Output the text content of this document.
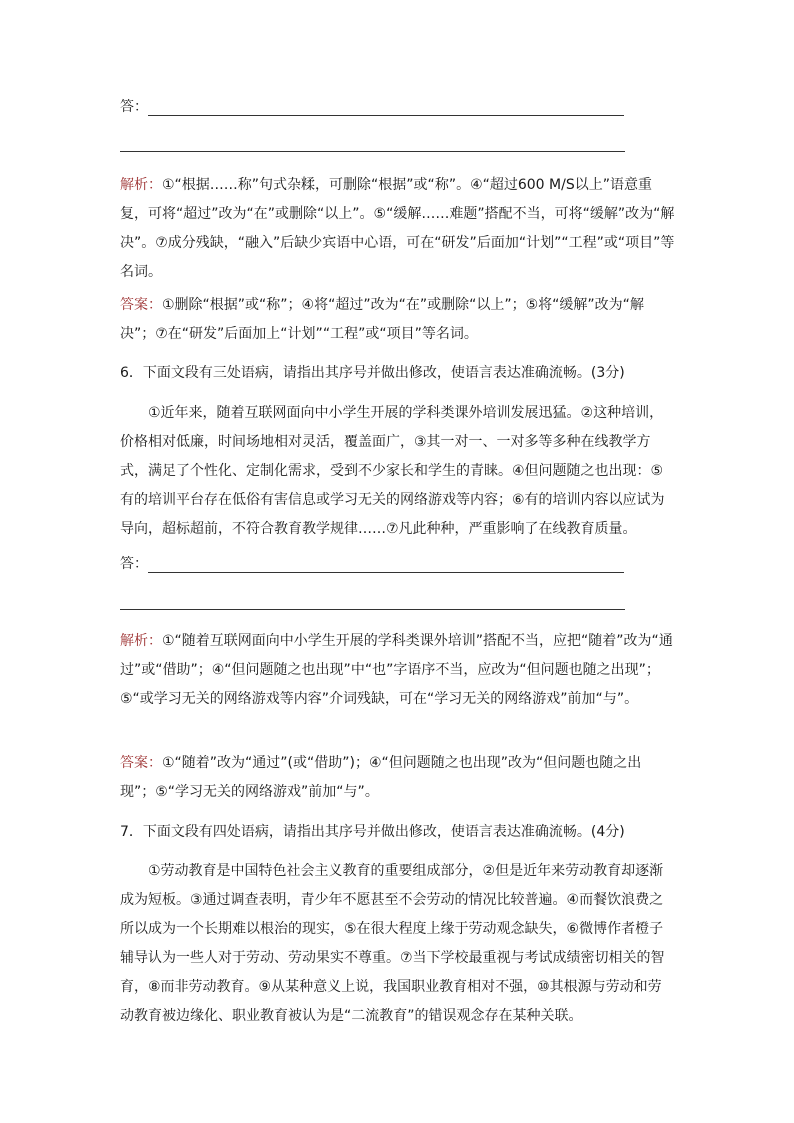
答：

解析：①“根据……称”句式杂糅，可删除“根据”或“称”。④“超过600 M/S以上”语意重复，可将“超过”改为“在”或删除“以上”。⑤“缓解……难题”搭配不当，可将“缓解”改为“解决”。⑦成分残缺，“融入”后缺少宾语中心语，可在“研发”后面加“计划”“工程”或“项目”等名词。

答案：①删除“根据”或“称”；④将“超过”改为“在”或删除“以上”；⑤将“缓解”改为“解决”；⑦在“研发”后面加上“计划”“工程”或“项目”等名词。

6．下面文段有三处语病，请指出其序号并做出修改，使语言表达准确流畅。(3分)

①近年来，随着互联网面向中小学生开展的学科类课外培训发展迅猛。②这种培训，价格相对低廉，时间场地相对灵活，覆盖面广，③其一对一、一对多等多种在线教学方式，满足了个性化、定制化需求，受到不少家长和学生的青睐。④但问题随之也出现：⑤有的培训平台存在低俗有害信息或学习无关的网络游戏等内容；⑥有的培训内容以应试为导向，超标超前，不符合教育教学规律……⑦凡此种种，严重影响了在线教育质量。

答：

解析：①“随着互联网面向中小学生开展的学科类课外培训”搭配不当，应把“随着”改为“通过”或“借助”；④“但问题随之也出现”中“也”字语序不当，应改为“但问题也随之出现”；⑤“或学习无关的网络游戏等内容”介词残缺，可在“学习无关的网络游戏”前加“与”。

答案：①“随着”改为“通过”(或“借助”)；④“但问题随之也出现”改为“但问题也随之出现”；⑤“学习无关的网络游戏”前加“与”。

7．下面文段有四处语病，请指出其序号并做出修改，使语言表达准确流畅。(4分)

①劳动教育是中国特色社会主义教育的重要组成部分，②但是近年来劳动教育却逐渐成为短板。③通过调查表明，青少年不愿甚至不会劳动的情况比较普遍。④而餐饮浪费之所以成为一个长期难以根治的现实，⑤在很大程度上缘于劳动观念缺失，⑥微博作者橙子辅导认为一些人对于劳动、劳动果实不尊重。⑦当下学校最重视与考试成绩密切相关的智育，⑧而非劳动教育。⑨从某种意义上说，我国职业教育相对不强，⑩其根源与劳动和劳动教育被边缘化、职业教育被认为是“二流教育”的错误观念存在某种关联。
